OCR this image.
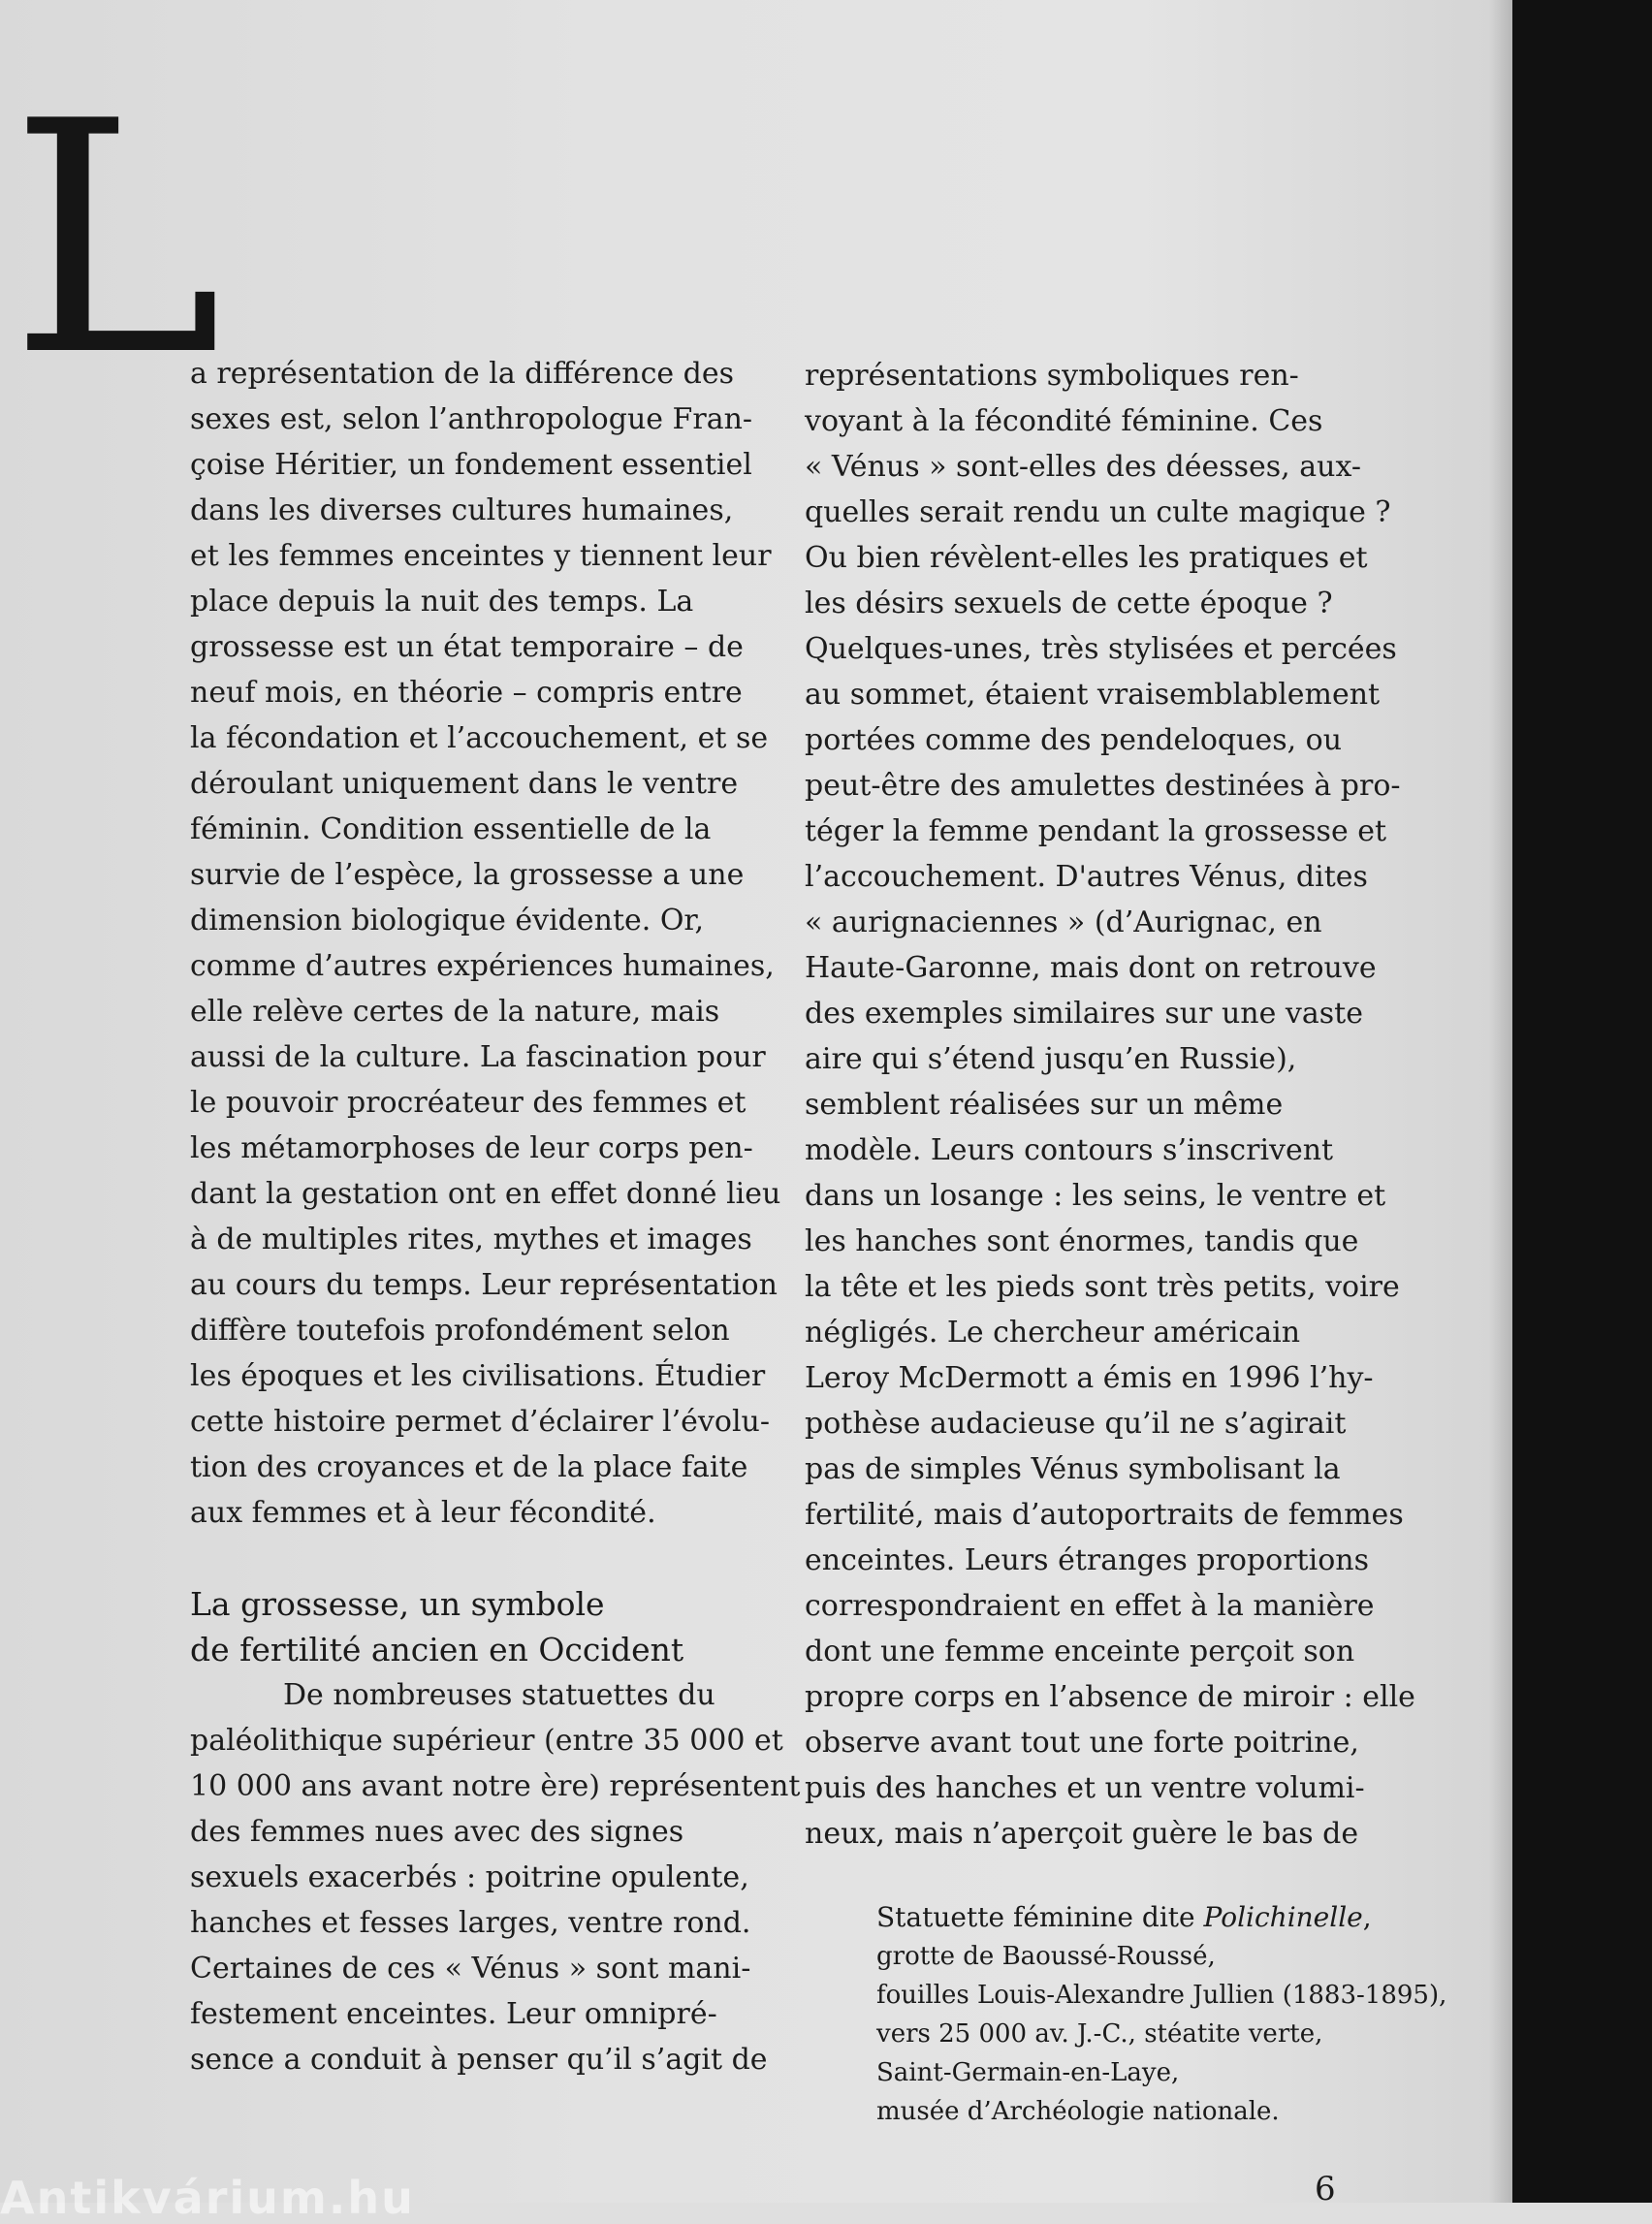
L
a représentation de la différence des
sexes est, selon l’anthropologue Fran-
çoise Héritier, un fondement essentiel
dans les diverses cultures humaines,
et les femmes enceintes y tiennent leur
place depuis la nuit des temps. La
grossesse est un état temporaire – de
neuf mois, en théorie – compris entre
la fécondation et l’accouchement, et se
déroulant uniquement dans le ventre
féminin. Condition essentielle de la
survie de l’espèce, la grossesse a une
dimension biologique évidente. Or,
comme d’autres expériences humaines,
elle relève certes de la nature, mais
aussi de la culture. La fascination pour
le pouvoir procréateur des femmes et
les métamorphoses de leur corps pen-
dant la gestation ont en effet donné lieu
à de multiples rites, mythes et images
au cours du temps. Leur représentation
diffère toutefois profondément selon
les époques et les civilisations. Étudier
cette histoire permet d’éclairer l’évolu-
tion des croyances et de la place faite
aux femmes et à leur fécondité.
La grossesse, un symbole
de fertilité ancien en Occident
De nombreuses statuettes du
paléolithique supérieur (entre 35 000 et
10 000 ans avant notre ère) représentent
des femmes nues avec des signes
sexuels exacerbés : poitrine opulente,
hanches et fesses larges, ventre rond.
Certaines de ces « Vénus » sont mani-
festement enceintes. Leur omnipré-
sence a conduit à penser qu’il s’agit de
représentations symboliques ren-
voyant à la fécondité féminine. Ces
« Vénus » sont-elles des déesses, aux-
quelles serait rendu un culte magique ?
Ou bien révèlent-elles les pratiques et
les désirs sexuels de cette époque ?
Quelques-unes, très stylisées et percées
au sommet, étaient vraisemblablement
portées comme des pendeloques, ou
peut-être des amulettes destinées à pro-
téger la femme pendant la grossesse et
l’accouchement. D'autres Vénus, dites
« aurignaciennes » (d’Aurignac, en
Haute-Garonne, mais dont on retrouve
des exemples similaires sur une vaste
aire qui s’étend jusqu’en Russie),
semblent réalisées sur un même
modèle. Leurs contours s’inscrivent
dans un losange : les seins, le ventre et
les hanches sont énormes, tandis que
la tête et les pieds sont très petits, voire
négligés. Le chercheur américain
Leroy McDermott a émis en 1996 l’hy-
pothèse audacieuse qu’il ne s’agirait
pas de simples Vénus symbolisant la
fertilité, mais d’autoportraits de femmes
enceintes. Leurs étranges proportions
correspondraient en effet à la manière
dont une femme enceinte perçoit son
propre corps en l’absence de miroir : elle
observe avant tout une forte poitrine,
puis des hanches et un ventre volumi-
neux, mais n’aperçoit guère le bas de
Statuette féminine dite Polichinelle,
grotte de Baoussé-Roussé,
fouilles Louis-Alexandre Jullien (1883-1895),
vers 25 000 av. J.-C., stéatite verte,
Saint-Germain-en-Laye,
musée d’Archéologie nationale.
Antikvárium.hu	6
